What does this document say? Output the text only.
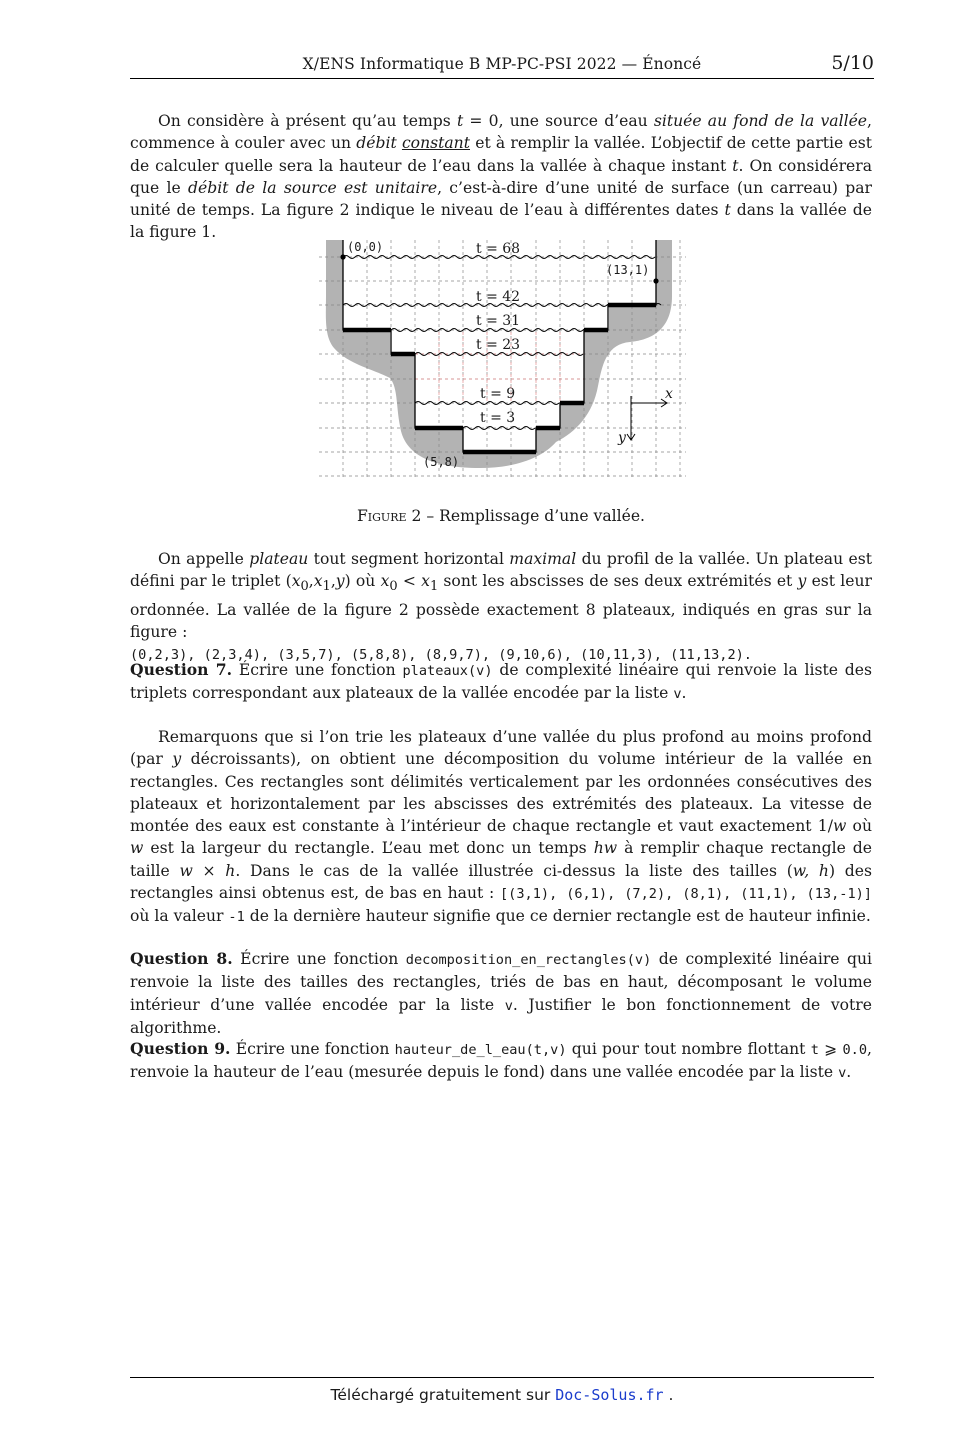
X/ENS Informatique B MP-PC-PSI 2022 — Énoncé	5/10
On considère à présent qu’au temps t = 0, une source d’eau située au fond de la vallée, commence à couler avec un débit constant et à remplir la vallée. L’objectif de cette partie est de calculer quelle sera la hauteur de l’eau dans la vallée à chaque instant t. On considérera que le débit de la source est unitaire, c’est-à-dire d’une unité de surface (un carreau) par unité de temps. La figure 2 indique le niveau de l’eau à différentes dates t dans la vallée de la figure 1.
t = 68
t = 42
t = 31
t = 23
t = 9
t = 3
x
y
(0,0)
(13,1)
(5,8)
Figure 2 – Remplissage d’une vallée.
On appelle plateau tout segment horizontal maximal du profil de la vallée. Un plateau est défini par le triplet $(x_0,x_1,y)$ où $x_0 < x_1$ sont les abscisses de ses deux extrémités et y est leur ordonnée. La vallée de la figure 2 possède exactement 8 plateaux, indiqués en gras sur la figure :
(0,2,3), (2,3,4), (3,5,7), (5,8,8), (8,9,7), (9,10,6), (10,11,3), (11,13,2).
Question 7. Écrire une fonction plateaux(v) de complexité linéaire qui renvoie la liste des triplets correspondant aux plateaux de la vallée encodée par la liste v.
Remarquons que si l’on trie les plateaux d’une vallée du plus profond au moins profond (par y décroissants), on obtient une décomposition du volume intérieur de la vallée en rectangles. Ces rectangles sont délimités verticalement par les ordonnées consécutives des plateaux et horizontalement par les abscisses des extrémités des plateaux. La vitesse de montée des eaux est constante à l’intérieur de chaque rectangle et vaut exactement 1/w où w est la largeur du rectangle. L’eau met donc un temps hw à remplir chaque rectangle de taille w × h. Dans le cas de la vallée illustrée ci-dessus la liste des tailles (w, h) des rectangles ainsi obtenus est, de bas en haut : [(3,1), (6,1), (7,2), (8,1), (11,1), (13,-1)] où la valeur -1 de la dernière hauteur signifie que ce dernier rectangle est de hauteur infinie.
Question 8. Écrire une fonction decomposition_en_rectangles(v) de complexité linéaire qui renvoie la liste des tailles des rectangles, triés de bas en haut, décomposant le volume intérieur d’une vallée encodée par la liste v. Justifier le bon fonctionnement de votre algorithme.
Question 9. Écrire une fonction hauteur_de_l_eau(t,v) qui pour tout nombre flottant t ⩾ 0.0, renvoie la hauteur de l’eau (mesurée depuis le fond) dans une vallée encodée par la liste v.
Téléchargé gratuitement sur Doc-Solus.fr .
